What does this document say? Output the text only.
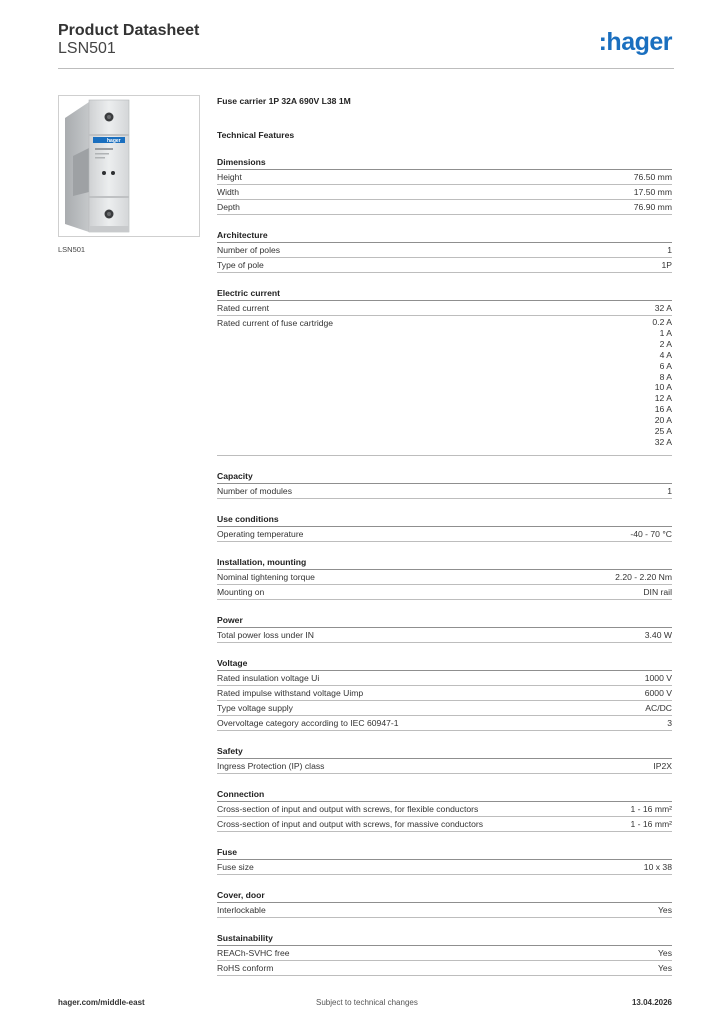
Product Datasheet
LSN501	:hager
hager
LSN501
Fuse carrier 1P 32A 690V L38 1M
Technical Features
Dimensions
Height	76.50 mm
Width	17.50 mm
Depth	76.90 mm
Architecture
Number of poles	1
Type of pole	1P
Electric current
Rated current	32 A
Rated current of fuse cartridge	0.2 A
1 A
2 A
4 A
6 A
8 A
10 A
12 A
16 A
20 A
25 A
32 A
Capacity
Number of modules	1
Use conditions
Operating temperature	-40 - 70 °C
Installation, mounting
Nominal tightening torque	2.20 - 2.20 Nm
Mounting on	DIN rail
Power
Total power loss under IN	3.40 W
Voltage
Rated insulation voltage Ui	1000 V
Rated impulse withstand voltage Uimp	6000 V
Type voltage supply	AC/DC
Overvoltage category according to IEC 60947-1	3
Safety
Ingress Protection (IP) class	IP2X
Connection
Cross-section of input and output with screws, for flexible conductors	1 - 16 mm²
Cross-section of input and output with screws, for massive conductors	1 - 16 mm²
Fuse
Fuse size	10 x 38
Cover, door
Interlockable	Yes
Sustainability
REACh-SVHC free	Yes
RoHS conform	Yes
hager.com/middle-east	Subject to technical changes	13.04.2026
